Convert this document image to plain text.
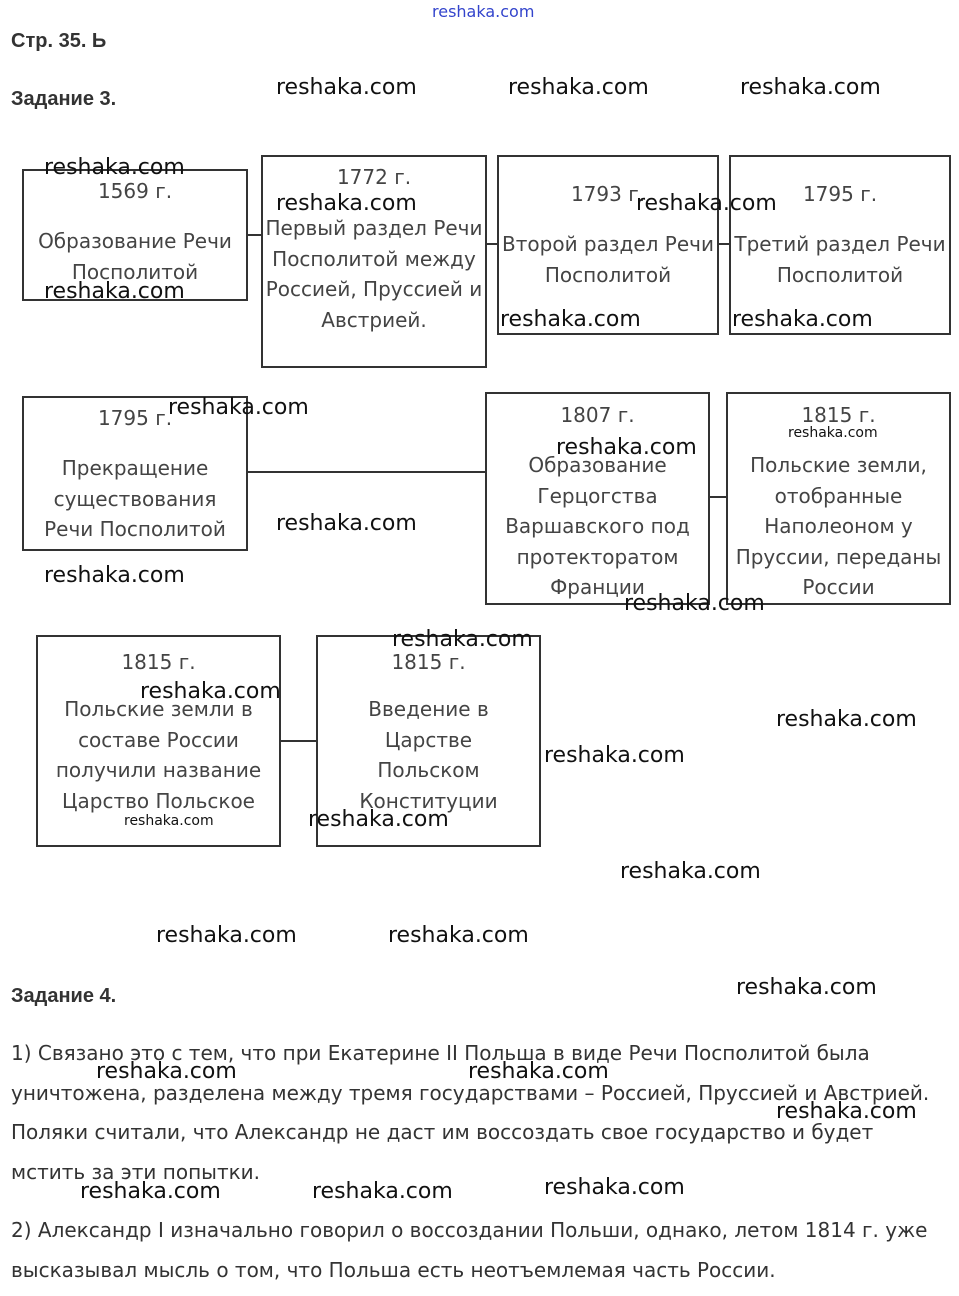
Стр. 35. Ь
Задание 3.
Задание 4.
1569 г.
Образование Речи Посполитой
1772 г.
Первый раздел Речи Посполитой между Россией, Пруссией и Австрией.
1793 г.
Второй раздел Речи Посполитой
1795 г.
Третий раздел Речи Посполитой
1795 г.
Прекращение существования Речи Посполитой
1807 г.
Образование Герцогства Варшавского под протекторатом Франции
1815 г.
Польские земли, отобранные Наполеоном у Пруссии, переданы России
1815 г.
Польские земли в составе России получили название Царство Польское
1815 г.
Введение в Царстве Польском Конституции
1) Связано это с тем, что при Екатерине II Польша в виде Речи Посполитой была уничтожена, разделена между тремя государствами – Россией, Пруссией и Австрией. Поляки считали, что Александр не даст им воссоздать свое государство и будет мстить за эти попытки.
2) Александр I изначально говорил о воссоздании Польши, однако, летом 1814 г. уже высказывал мысль о том, что Польша есть неотъемлемая часть России.
reshaka.com
reshaka.com	reshaka.com	reshaka.com
reshaka.com
reshaka.com	reshaka.com
reshaka.com
reshaka.com	reshaka.com
reshaka.com
reshaka.com
reshaka.com
reshaka.com
reshaka.com
reshaka.com
reshaka.com
reshaka.com
reshaka.com
reshaka.com
reshaka.com	reshaka.com
reshaka.com
reshaka.com	reshaka.com
reshaka.com
reshaka.com	reshaka.com
reshaka.com
reshaka.com	reshaka.com	reshaka.com
